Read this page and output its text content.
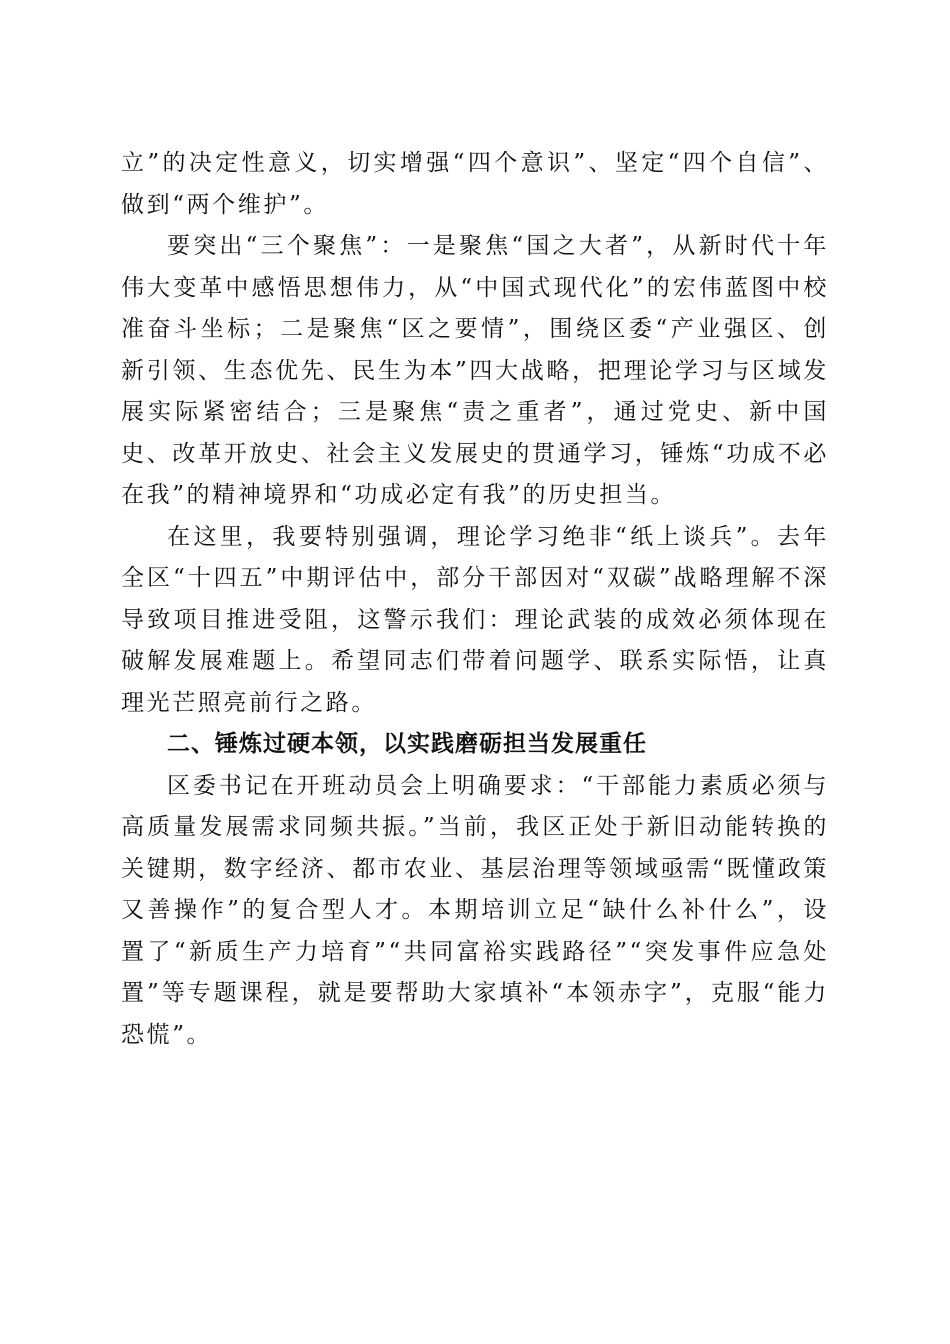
立”的决定性意义，切实增强“四个意识”、坚定“四个自信”、做到“两个维护”。

要突出“三个聚焦”：一是聚焦“国之大者”，从新时代十年伟大变革中感悟思想伟力，从“中国式现代化”的宏伟蓝图中校准奋斗坐标；二是聚焦“区之要情”，围绕区委“产业强区、创新引领、生态优先、民生为本”四大战略，把理论学习与区域发展实际紧密结合；三是聚焦“责之重者”，通过党史、新中国史、改革开放史、社会主义发展史的贯通学习，锤炼“功成不必在我”的精神境界和“功成必定有我”的历史担当。

在这里，我要特别强调，理论学习绝非“纸上谈兵”。去年全区“十四五”中期评估中，部分干部因对“双碳”战略理解不深导致项目推进受阻，这警示我们：理论武装的成效必须体现在破解发展难题上。希望同志们带着问题学、联系实际悟，让真理光芒照亮前行之路。

二、锤炼过硬本领，以实践磨砺担当发展重任

区委书记在开班动员会上明确要求：“干部能力素质必须与高质量发展需求同频共振。”当前，我区正处于新旧动能转换的关键期，数字经济、都市农业、基层治理等领域亟需“既懂政策又善操作”的复合型人才。本期培训立足“缺什么补什么”，设置了“新质生产力培育”“共同富裕实践路径”“突发事件应急处置”等专题课程，就是要帮助大家填补“本领赤字”，克服“能力恐慌”。
